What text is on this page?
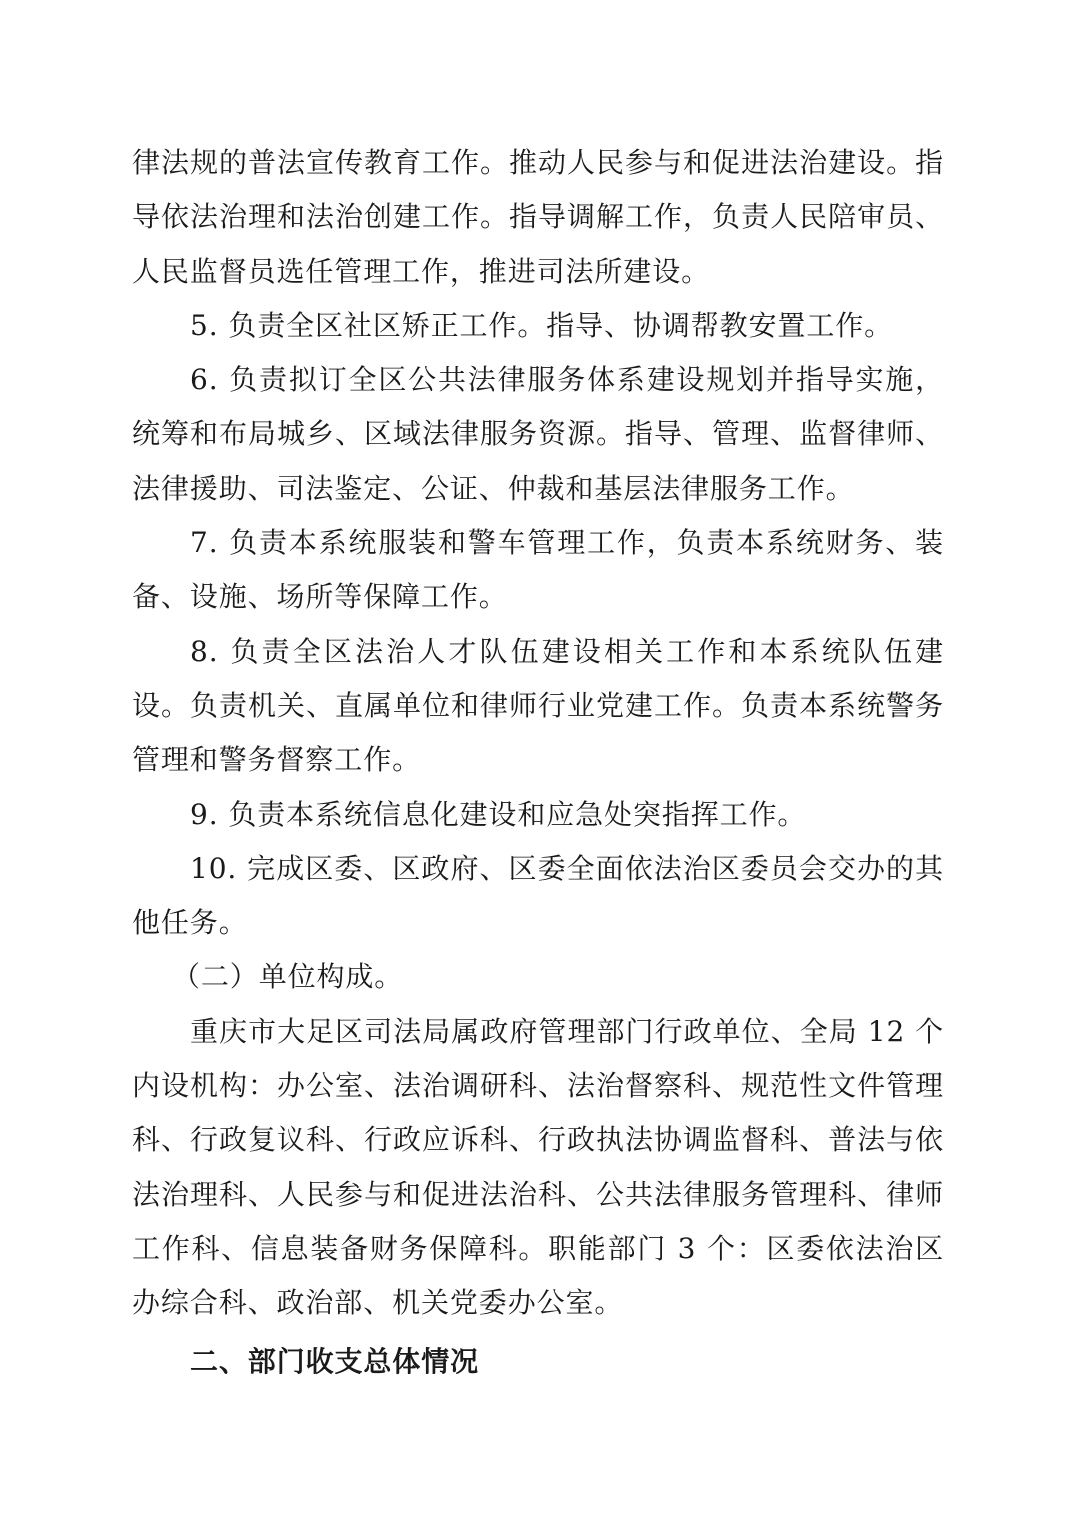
律法规的普法宣传教育工作。推动人民参与和促进法治建设。指导依法治理和法治创建工作。指导调解工作，负责人民陪审员、人民监督员选任管理工作，推进司法所建设。

5. 负责全区社区矫正工作。指导、协调帮教安置工作。

6. 负责拟订全区公共法律服务体系建设规划并指导实施，统筹和布局城乡、区域法律服务资源。指导、管理、监督律师、法律援助、司法鉴定、公证、仲裁和基层法律服务工作。

7. 负责本系统服装和警车管理工作，负责本系统财务、装备、设施、场所等保障工作。

8. 负责全区法治人才队伍建设相关工作和本系统队伍建设。负责机关、直属单位和律师行业党建工作。负责本系统警务管理和警务督察工作。

9. 负责本系统信息化建设和应急处突指挥工作。

10. 完成区委、区政府、区委全面依法治区委员会交办的其他任务。

（二）单位构成。

重庆市大足区司法局属政府管理部门行政单位、全局 12 个内设机构：办公室、法治调研科、法治督察科、规范性文件管理科、行政复议科、行政应诉科、行政执法协调监督科、普法与依法治理科、人民参与和促进法治科、公共法律服务管理科、律师工作科、信息装备财务保障科。职能部门 3 个：区委依法治区办综合科、政治部、机关党委办公室。

二、部门收支总体情况
